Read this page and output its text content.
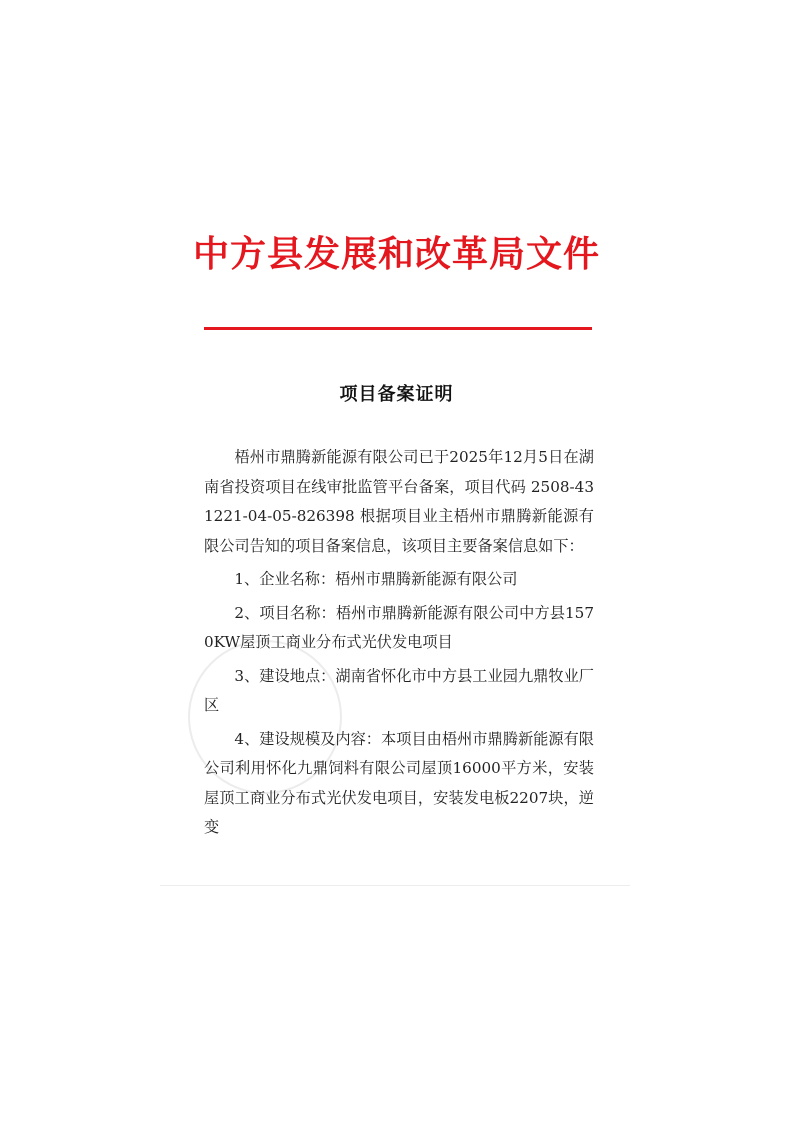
中方县发展和改革局文件
项目备案证明

梧州市鼎腾新能源有限公司已于2025年12月5日在湖南省投资项目在线审批监管平台备案，项目代码 2508-431221-04-05-826398 根据项目业主梧州市鼎腾新能源有限公司告知的项目备案信息，该项目主要备案信息如下：

1、企业名称：梧州市鼎腾新能源有限公司

2、项目名称：梧州市鼎腾新能源有限公司中方县1570KW屋顶工商业分布式光伏发电项目

3、建设地点：湖南省怀化市中方县工业园九鼎牧业厂区

4、建设规模及内容：本项目由梧州市鼎腾新能源有限公司利用怀化九鼎饲料有限公司屋顶16000平方米，安装屋顶工商业分布式光伏发电项目，安装发电板2207块，逆变
